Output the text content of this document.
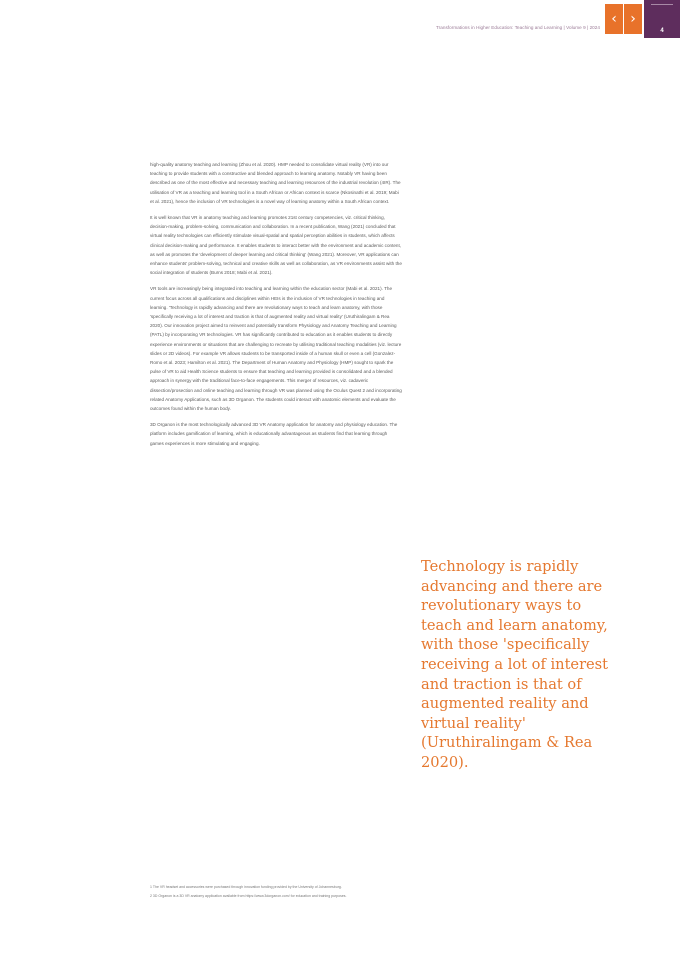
Transformations in Higher Education: Teaching and Learning | Volume 9 | 2024
‹ ›
4

high-quality anatomy teaching and learning (Zhou et al. 2020). HMP needed to consolidate virtual reality (VR) into our teaching to provide students with a constructive and blended approach to learning anatomy. Notably VR having been described as one of the most effective and necessary teaching and learning resources of the industrial revolution (4IR). The utilisation of VR as a teaching and learning tool in a South African or African context is scarce (Nkosinathi et al. 2019; Mabi et al. 2021), hence the inclusion of VR technologies is a novel way of learning anatomy within a South African context.

It is well known that VR in anatomy teaching and learning promotes 21st century competencies, viz. critical thinking, decision-making, problem-solving, communication and collaboration. In a recent publication, Wang (2021) concluded that virtual reality technologies can efficiently stimulate visual-spatial and spatial perception abilities in students, which affects clinical decision-making and performance. It enables students to interact better with the environment and academic content, as well as promotes the 'development of deeper learning and critical thinking' (Wang 2021). Moreover, VR applications can enhance students' problem-solving, technical and creative skills as well as collaboration, as VR environments assist with the social integration of students (Burns 2018; Mabi et al. 2021).

VR tools are increasingly being integrated into teaching and learning within the education sector (Mabi et al. 2021). The current focus across all qualifications and disciplines within HEIs is the inclusion of VR technologies in teaching and learning. 'Technology is rapidly advancing and there are revolutionary ways to teach and learn anatomy, with those 'specifically receiving a lot of interest and traction is that of augmented reality and virtual reality' (Uruthiralingam & Rea 2020). Our innovation project aimed to reinvent and potentially transform Physiology and Anatomy Teaching and Learning (PATL) by incorporating VR technologies. VR has significantly contributed to education as it enables students to directly experience environments or situations that are challenging to recreate by utilising traditional teaching modalities (viz. lecture slides or 2D videos). For example VR allows students to be transported inside of a human skull or even a cell (Gonzalez-Romo et al. 2023; Hamilton et al. 2021). The Department of Human Anatomy and Physiology (HMP) sought to spark the pulse of VR to aid Health Science students to ensure that teaching and learning provided is consolidated and a blended approach in synergy with the traditional face-to-face engagements. This merger of resources, viz. cadaveric dissection/prosection and online teaching and learning through VR was planned using the Oculus Quest 2 and incorporating related Anatomy Applications, such as 3D Organon. The students could interact with anatomic elements and evaluate the outcomes found within the human body.

3D Organon is the most technologically advanced 3D VR Anatomy application for anatomy and physiology education. The platform includes gamification of learning, which is educationally advantageous as students find that learning through games experiences is more stimulating and engaging.

Technology is rapidly advancing and there are revolutionary ways to teach and learn anatomy, with those 'specifically receiving a lot of interest and traction is that of augmented reality and virtual reality' (Uruthiralingam & Rea 2020).

1 The VR headset and accessories were purchased through innovation funding provided by the University of Johannesburg.

2 3D Organon is a 3D VR anatomy application available from https://www.3dorganon.com/ for education and training purposes.
